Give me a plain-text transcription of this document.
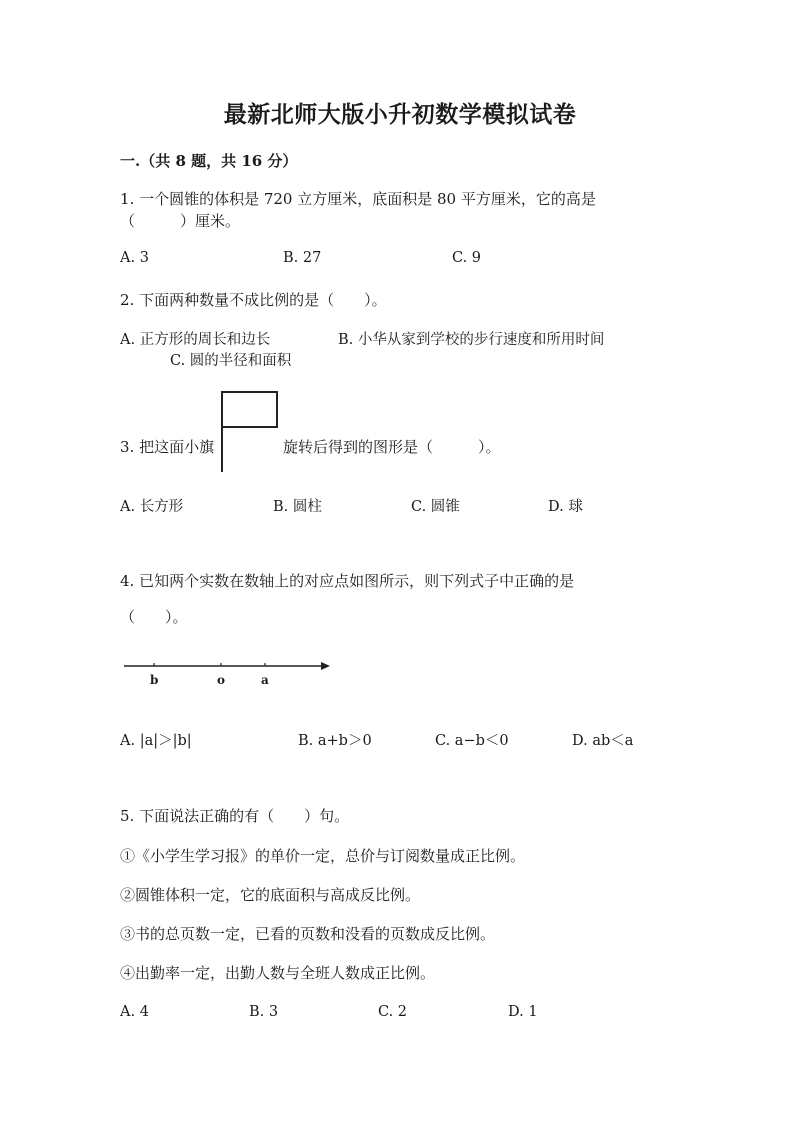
最新北师大版小升初数学模拟试卷
一.（共 8 题，共 16 分）
1. 一个圆锥的体积是 720 立方厘米，底面积是 80 平方厘米，它的高是
（　　　）厘米。
A. 3	B. 27	C. 9
2. 下面两种数量不成比例的是（　　）。
A. 正方形的周长和边长	B. 小华从家到学校的步行速度和所用时间
C. 圆的半径和面积
3. 把这面小旗	旋转后得到的图形是（　　　）。
A. 长方形	B. 圆柱	C. 圆锥	D. 球
4. 已知两个实数在数轴上的对应点如图所示，则下列式子中正确的是
（　　）。
b	o	a
A. |a|＞|b|	B. a+b＞0	C. a−b＜0	D. ab＜a
5. 下面说法正确的有（　　）句。
①《小学生学习报》的单价一定，总价与订阅数量成正比例。
②圆锥体积一定，它的底面积与高成反比例。
③书的总页数一定，已看的页数和没看的页数成反比例。
④出勤率一定，出勤人数与全班人数成正比例。
A. 4	B. 3	C. 2	D. 1
